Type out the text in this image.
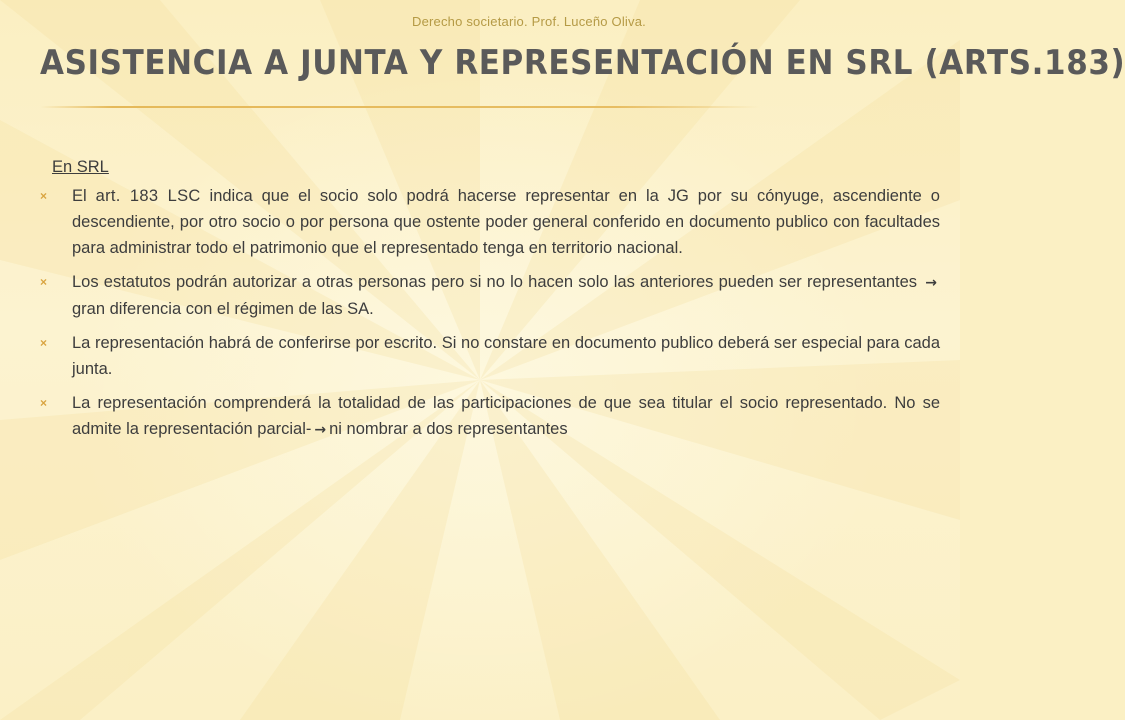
Derecho societario. Prof. Luceño Oliva.
ASISTENCIA A JUNTA Y REPRESENTACIÓN EN SRL (ARTS.183)
En SRL
×	El art. 183 LSC indica que el socio solo podrá hacerse representar en la JG por su cónyuge, ascendiente o descendiente, por otro socio o por persona que ostente poder general conferido en documento publico con facultades para administrar todo el patrimonio que el representado tenga en territorio nacional.
×	Los estatutos podrán autorizar a otras personas pero si no lo hacen solo las anteriores pueden ser representantes → gran diferencia con el régimen de las SA.
×	La representación habrá de conferirse por escrito. Si no constare en documento publico deberá ser especial para cada junta.
×	La representación comprenderá la totalidad de las participaciones de que sea titular el socio representado. No se admite la representación parcial- → ni nombrar a dos representantes
